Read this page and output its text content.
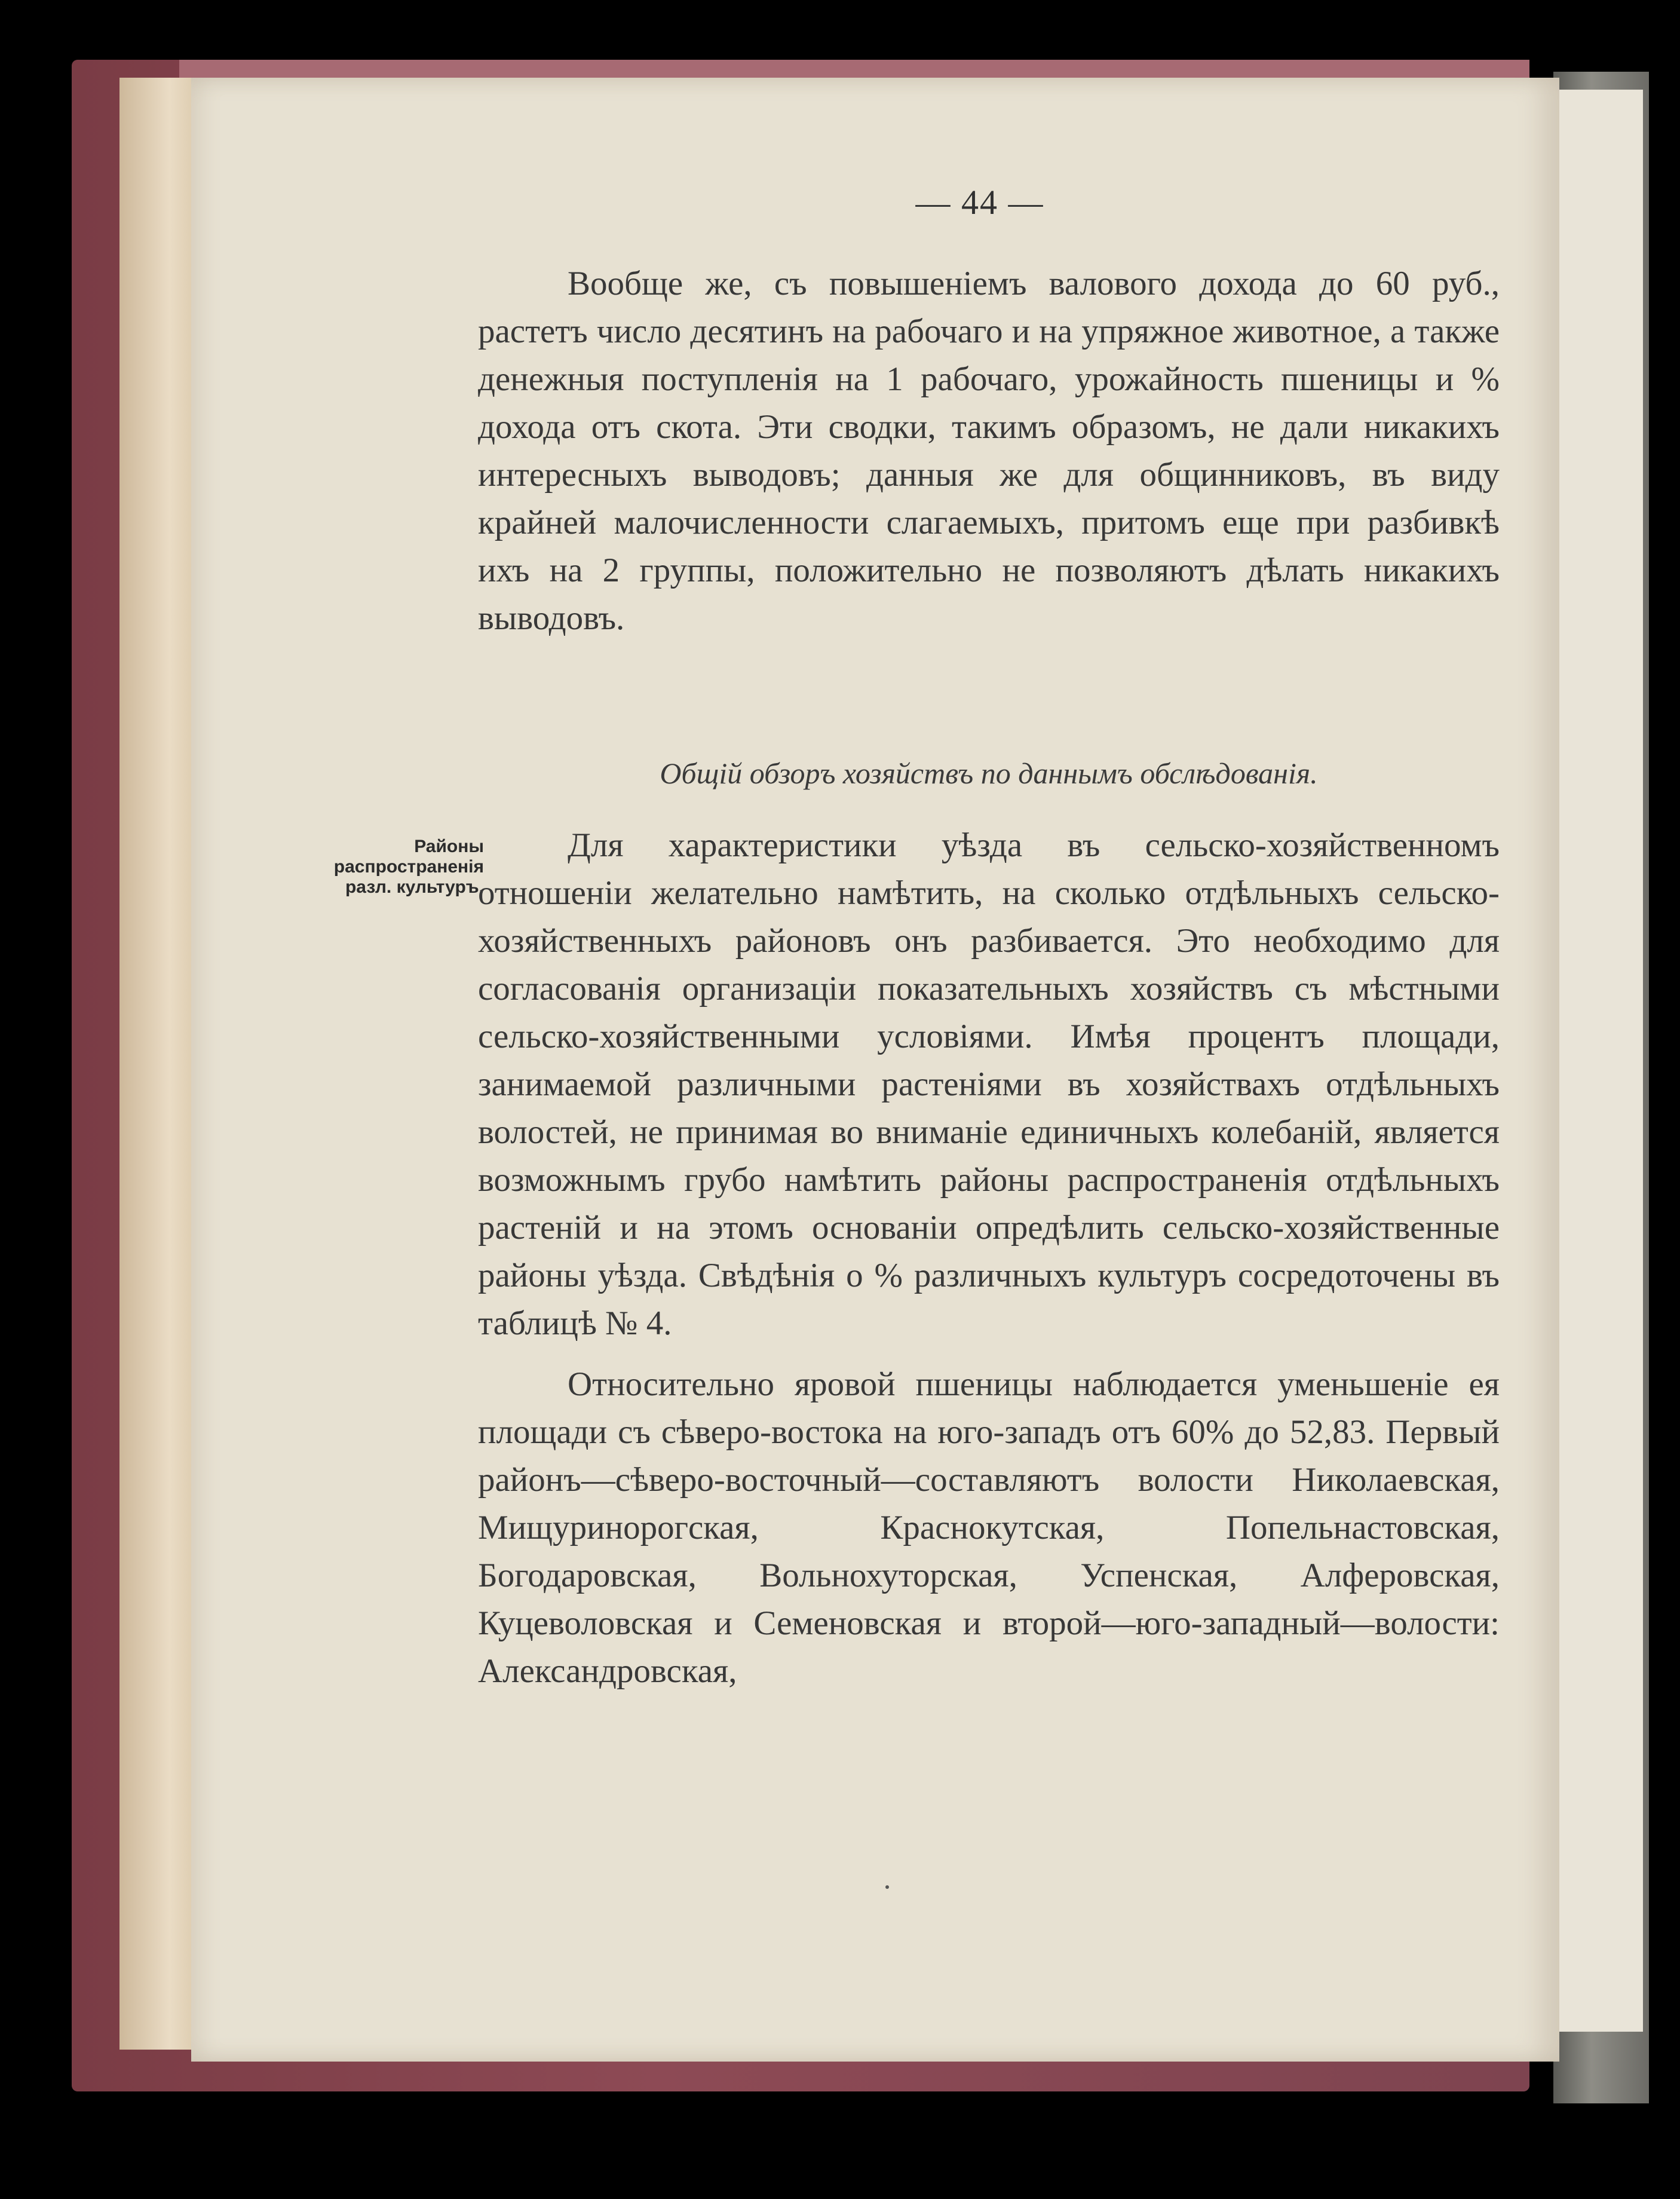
— 44 —

Вообще же, съ повышеніемъ валового дохода до 60 руб., растетъ число десятинъ на рабочаго и на упряжное животное, а также денежныя поступленія на 1 рабочаго, урожайность пшеницы и % дохода отъ скота. Эти сводки, такимъ образомъ, не дали никакихъ интересныхъ выводовъ; данныя же для общинниковъ, въ виду крайней малочисленности слагаемыхъ, притомъ еще при разбивкѣ ихъ на 2 группы, положительно не позволяютъ дѣлать никакихъ выводовъ.

Общій обзоръ хозяйствъ по даннымъ обслѣдованія.
Районы распространенія разл. культуръ.

Для характеристики уѣзда въ сельско-хозяйственномъ отношеніи желательно намѣтить, на сколько отдѣльныхъ сельско-хозяйственныхъ районовъ онъ разбивается. Это необходимо для согласованія организаціи показательныхъ хозяйствъ съ мѣстными сельско-хозяйственными условіями. Имѣя процентъ площади, занимаемой различными растеніями въ хозяйствахъ отдѣльныхъ волостей, не принимая во вниманіе единичныхъ колебаній, является возможнымъ грубо намѣтить районы распространенія отдѣльныхъ растеній и на этомъ основаніи опредѣлить сельско-хозяйственные районы уѣзда. Свѣдѣнія о % различныхъ культуръ сосредоточены въ таблицѣ № 4.

Относительно яровой пшеницы наблюдается уменьшеніе ея площади съ сѣверо-востока на юго-западъ отъ 60% до 52,83. Первый районъ—сѣверо-восточный—составляютъ волости Николаевская, Мищуринорогская, Краснокутская, Попельнастовская, Богодаровская, Вольнохуторская, Успенская, Алферовская, Куцеволовская и Семеновская и второй—юго-западный—волости: Александровская,
